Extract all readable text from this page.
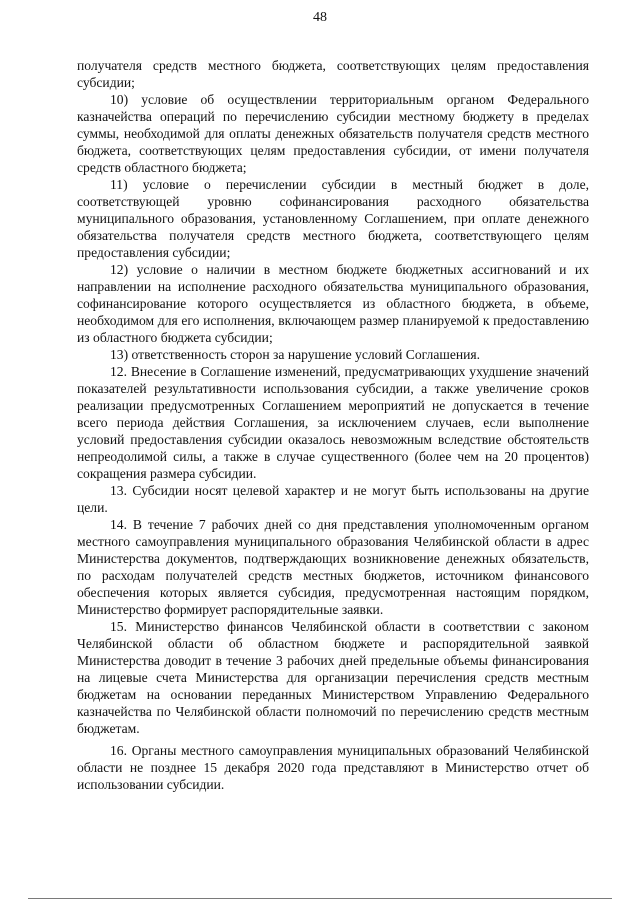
48

получателя средств местного бюджета, соответствующих целям предоставления субсидии;

10) условие об осуществлении территориальным органом Федерального казначейства операций по перечислению субсидии местному бюджету в пределах суммы, необходимой для оплаты денежных обязательств получателя средств местного бюджета, соответствующих целям предоставления субсидии, от имени получателя средств областного бюджета;

11) условие о перечислении субсидии в местный бюджет в доле, соответствующей уровню софинансирования расходного обязательства муниципального образования, установленному Соглашением, при оплате денежного обязательства получателя средств местного бюджета, соответствующего целям предоставления субсидии;

12) условие о наличии в местном бюджете бюджетных ассигнований и их направлении на исполнение расходного обязательства муниципального образования, софинансирование которого осуществляется из областного бюджета, в объеме, необходимом для его исполнения, включающем размер планируемой к предоставлению из областного бюджета субсидии;

13) ответственность сторон за нарушение условий Соглашения.

12. Внесение в Соглашение изменений, предусматривающих ухудшение значений показателей результативности использования субсидии, а также увеличение сроков реализации предусмотренных Соглашением мероприятий не допускается в течение всего периода действия Соглашения, за исключением случаев, если выполнение условий предоставления субсидии оказалось невозможным вследствие обстоятельств непреодолимой силы, а также в случае существенного (более чем на 20 процентов) сокращения размера субсидии.

13. Субсидии носят целевой характер и не могут быть использованы на другие цели.

14. В течение 7 рабочих дней со дня представления уполномоченным органом местного самоуправления муниципального образования Челябинской области в адрес Министерства документов, подтверждающих возникновение денежных обязательств, по расходам получателей средств местных бюджетов, источником финансового обеспечения которых является субсидия, предусмотренная настоящим порядком, Министерство формирует распорядительные заявки.

15. Министерство финансов Челябинской области в соответствии с законом Челябинской области об областном бюджете и распорядительной заявкой Министерства доводит в течение 3 рабочих дней предельные объемы финансирования на лицевые счета Министерства для организации перечисления средств местным бюджетам на основании переданных Министерством Управлению Федерального казначейства по Челябинской области полномочий по перечислению средств местным бюджетам.

16. Органы местного самоуправления муниципальных образований Челябинской области не позднее 15 декабря 2020 года представляют в Министерство отчет об использовании субсидии.
